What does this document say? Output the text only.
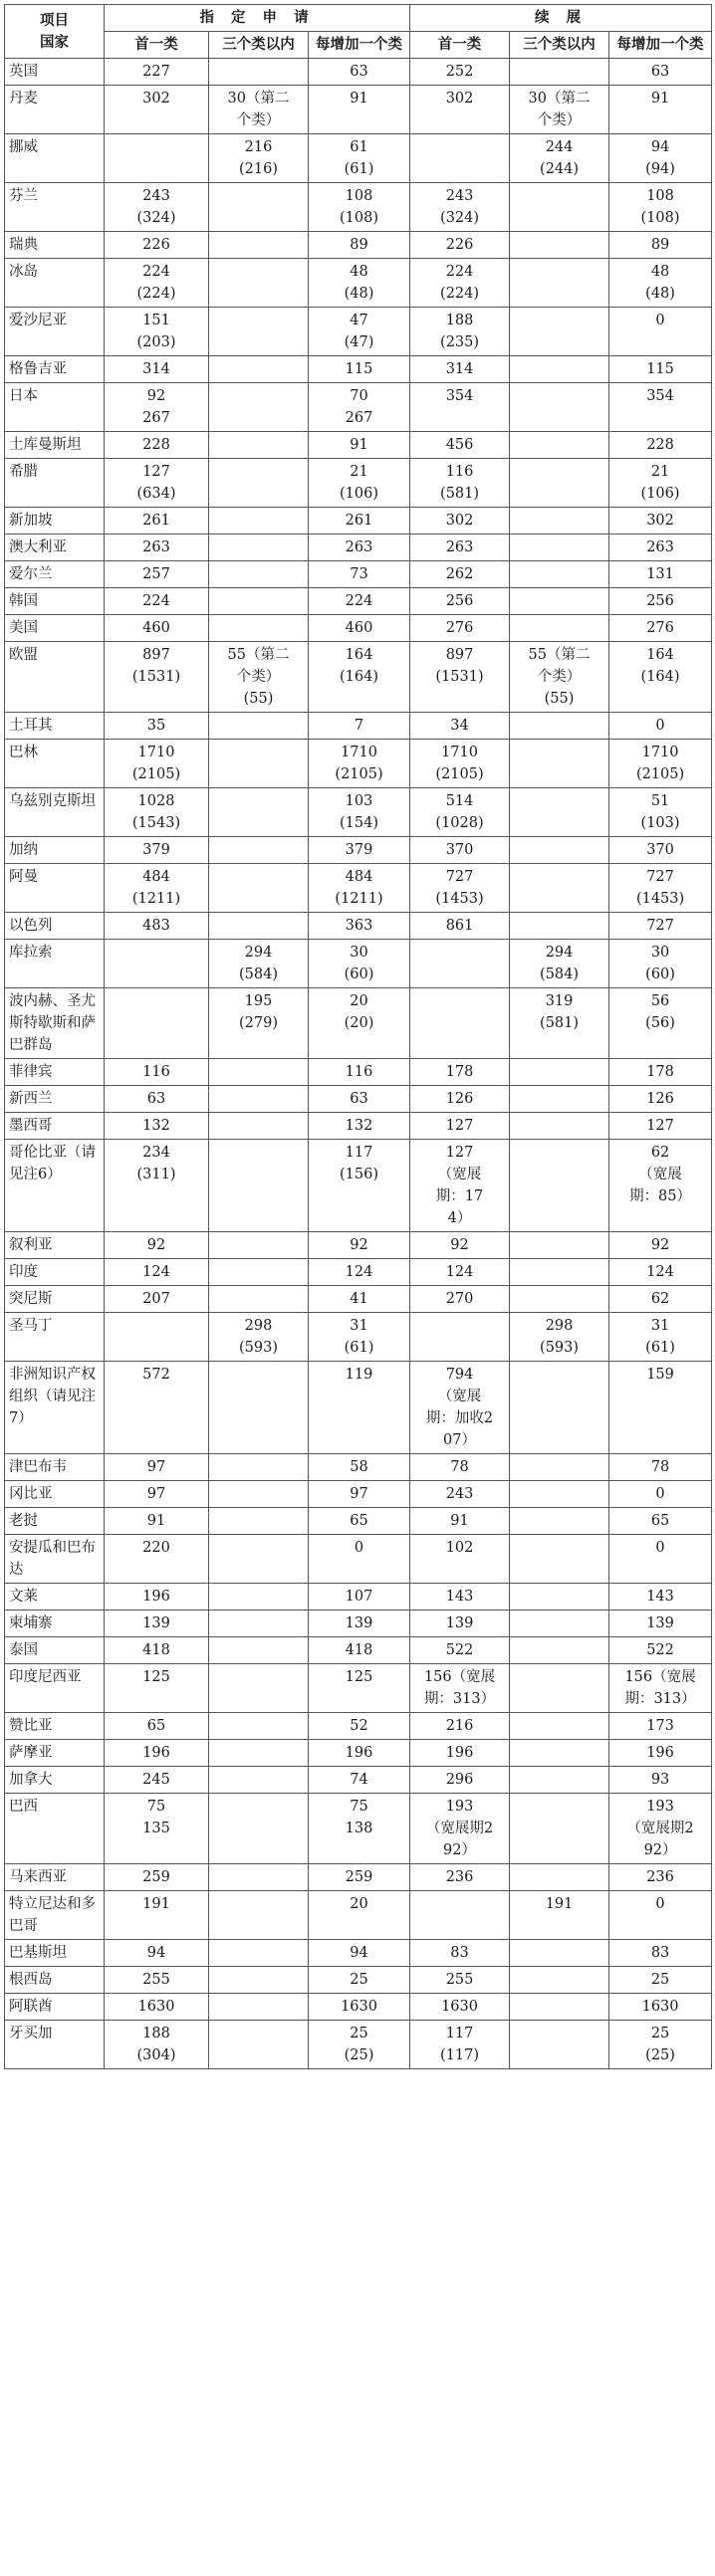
项目
国家	指 定 申 请			续 展		
	首一类	三个类以内	每增加一个类	首一类	三个类以内	每增加一个类
英国	227		63	252		63

丹麦	302	30（第二
个类）	91	302	30（第二
个类）	91

挪威		216
(216)	61
(61)		244
(244)	94
(94)

芬兰	243
(324)		108
(108)	243
(324)		108
(108)

瑞典	226		89	226		89

冰岛	224
(224)		48
(48)	224
(224)		48
(48)

爱沙尼亚	151
(203)		47
(47)	188
(235)		0

格鲁吉亚	314		115	314		115

日本	92
267		70
267	354		354

土库曼斯坦	228		91	456		228

希腊	127
(634)		21
(106)	116
(581)		21
(106)

新加坡	261		261	302		302

澳大利亚	263		263	263		263

爱尔兰	257		73	262		131

韩国	224		224	256		256

美国	460		460	276		276

欧盟	897
(1531)	55（第二
个类）
(55)	164
(164)	897
(1531)	55（第二
个类）
(55)	164
(164)

土耳其	35		7	34		0

巴林	1710
(2105)		1710
(2105)	1710
(2105)		1710
(2105)

乌兹别克斯坦	1028
(1543)		103
(154)	514
(1028)		51
(103)

加纳	379		379	370		370

阿曼	484
(1211)		484
(1211)	727
(1453)		727
(1453)

以色列	483		363	861		727

库拉索		294
(584)	30
(60)		294
(584)	30
(60)

波内赫、圣尤斯特歇斯和萨巴群岛		195
(279)	20
(20)		319
(581)	56
(56)

菲律宾	116		116	178		178

新西兰	63		63	126		126

墨西哥	132		132	127		127

哥伦比亚（请见注6）	234
(311)		117
(156)	127
（宽展
期：17
4）		62
（宽展
期：85）

叙利亚	92		92	92		92

印度	124		124	124		124

突尼斯	207		41	270		62

圣马丁		298
(593)	31
(61)		298
(593)	31
(61)

非洲知识产权组织（请见注7）	572		119	794
（宽展
期：加收2
07）		159

津巴布韦	97		58	78		78

冈比亚	97		97	243		0

老挝	91		65	91		65

安提瓜和巴布达	220		0	102		0

文莱	196		107	143		143

柬埔寨	139		139	139		139

泰国	418		418	522		522

印度尼西亚	125		125	156（宽展
期：313）		156（宽展
期：313）

赞比亚	65		52	216		173

萨摩亚	196		196	196		196

加拿大	245		74	296		93

巴西	75
135		75
138	193
（宽展期2
92）		193
（宽展期2
92）

马来西亚	259		259	236		236

特立尼达和多巴哥	191		20		191	0

巴基斯坦	94		94	83		83

根西岛	255		25	255		25

阿联酋	1630		1630	1630		1630

牙买加	188
(304)		25
(25)	117
(117)		25
(25)
